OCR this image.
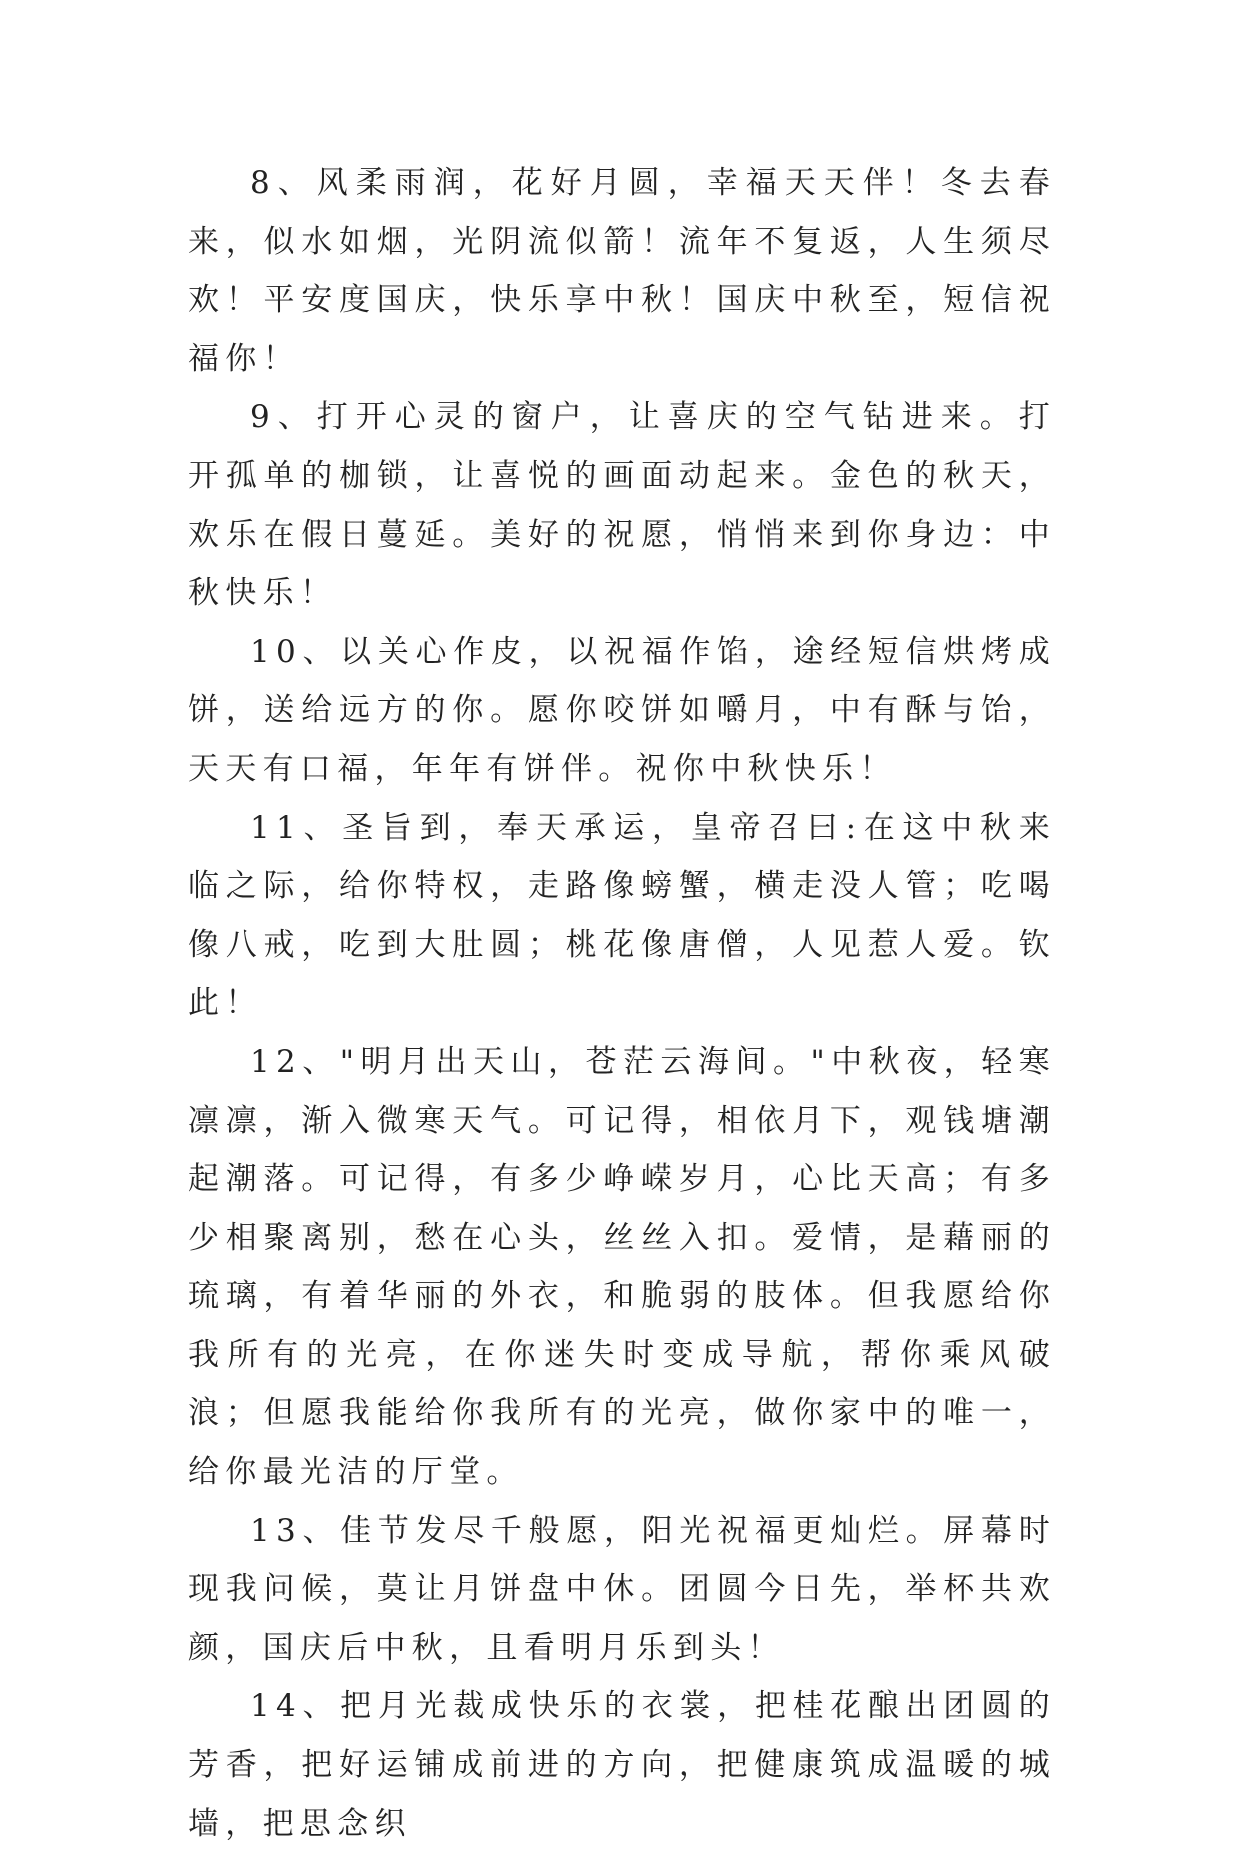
8、风柔雨润，花好月圆，幸福天天伴！冬去春来，似水如烟，光阴流似箭！流年不复返，人生须尽欢！平安度国庆，快乐享中秋！国庆中秋至，短信祝福你！

9、打开心灵的窗户，让喜庆的空气钻进来。打开孤单的枷锁，让喜悦的画面动起来。金色的秋天，欢乐在假日蔓延。美好的祝愿，悄悄来到你身边：中秋快乐！

10、以关心作皮，以祝福作馅，途经短信烘烤成饼，送给远方的你。愿你咬饼如嚼月，中有酥与饴，天天有口福，年年有饼伴。祝你中秋快乐！

11、圣旨到，奉天承运，皇帝召曰:在这中秋来临之际，给你特权，走路像螃蟹，横走没人管；吃喝像八戒，吃到大肚圆；桃花像唐僧，人见惹人爱。钦此！

12、"明月出天山，苍茫云海间。"中秋夜，轻寒凛凛，渐入微寒天气。可记得，相依月下，观钱塘潮起潮落。可记得，有多少峥嵘岁月，心比天高；有多少相聚离别，愁在心头，丝丝入扣。爱情，是藉丽的琉璃，有着华丽的外衣，和脆弱的肢体。但我愿给你我所有的光亮，在你迷失时变成导航，帮你乘风破浪；但愿我能给你我所有的光亮，做你家中的唯一，给你最光洁的厅堂。

13、佳节发尽千般愿，阳光祝福更灿烂。屏幕时现我问候，莫让月饼盘中休。团圆今日先，举杯共欢颜，国庆后中秋，且看明月乐到头！

14、把月光裁成快乐的衣裳，把桂花酿出团圆的芳香，把好运铺成前进的方向，把健康筑成温暖的城墙，把思念织
